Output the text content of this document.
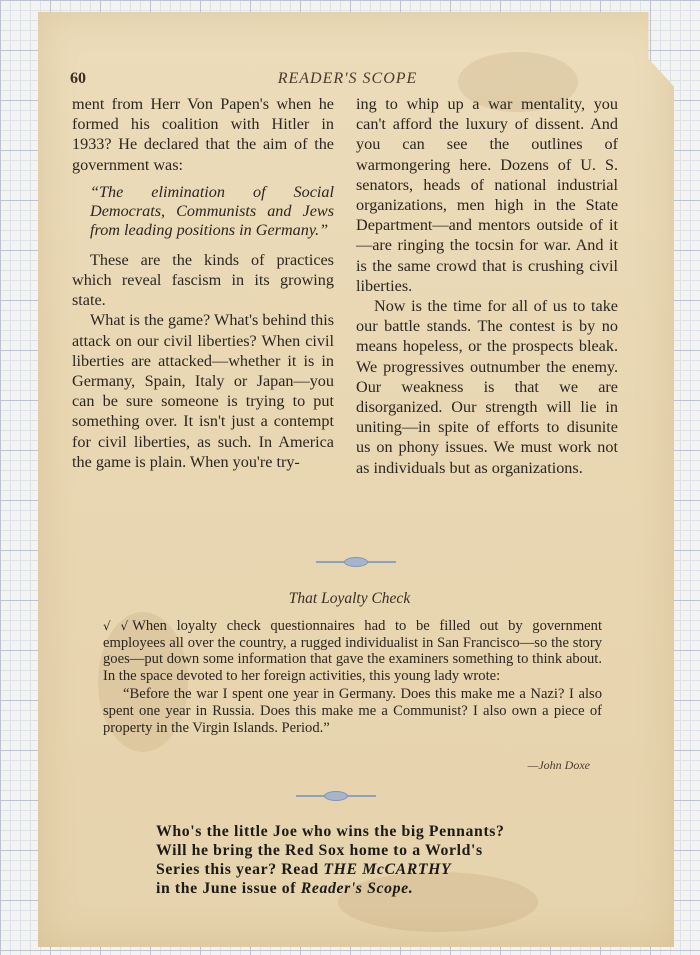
60	READER'S SCOPE

ment from Herr Von Papen's when he formed his coalition with Hitler in 1933? He declared that the aim of the government was:

“The elimination of Social Democrats, Communists and Jews from leading positions in Germany.”

These are the kinds of practices which reveal fascism in its growing state.

What is the game? What's behind this attack on our civil liberties? When civil liberties are attacked—whether it is in Germany, Spain, Italy or Japan—you can be sure someone is trying to put something over. It isn't just a contempt for civil liberties, as such. In America the game is plain. When you're try-

ing to whip up a war mentality, you can't afford the luxury of dissent. And you can see the outlines of warmongering here. Dozens of U. S. senators, heads of national industrial organizations, men high in the State Department—and mentors outside of it—are ringing the tocsin for war. And it is the same crowd that is crushing civil liberties.

Now is the time for all of us to take our battle stands. The contest is by no means hopeless, or the prospects bleak. We progressives outnumber the enemy. Our weakness is that we are disorganized. Our strength will lie in uniting—in spite of efforts to disunite us on phony issues. We must work not as individuals but as organizations.

That Loyalty Check

√ √ When loyalty check questionnaires had to be filled out by government employees all over the country, a rugged individualist in San Francisco—so the story goes—put down some information that gave the examiners something to think about. In the space devoted to her foreign activities, this young lady wrote:

“Before the war I spent one year in Germany. Does this make me a Nazi? I also spent one year in Russia. Does this make me a Communist? I also own a piece of property in the Virgin Islands. Period.”

—John Doxe

Who's the little Joe who wins the big Pennants?

Will he bring the Red Sox home to a World's

Series this year? Read THE McCARTHY

in the June issue of Reader's Scope.
